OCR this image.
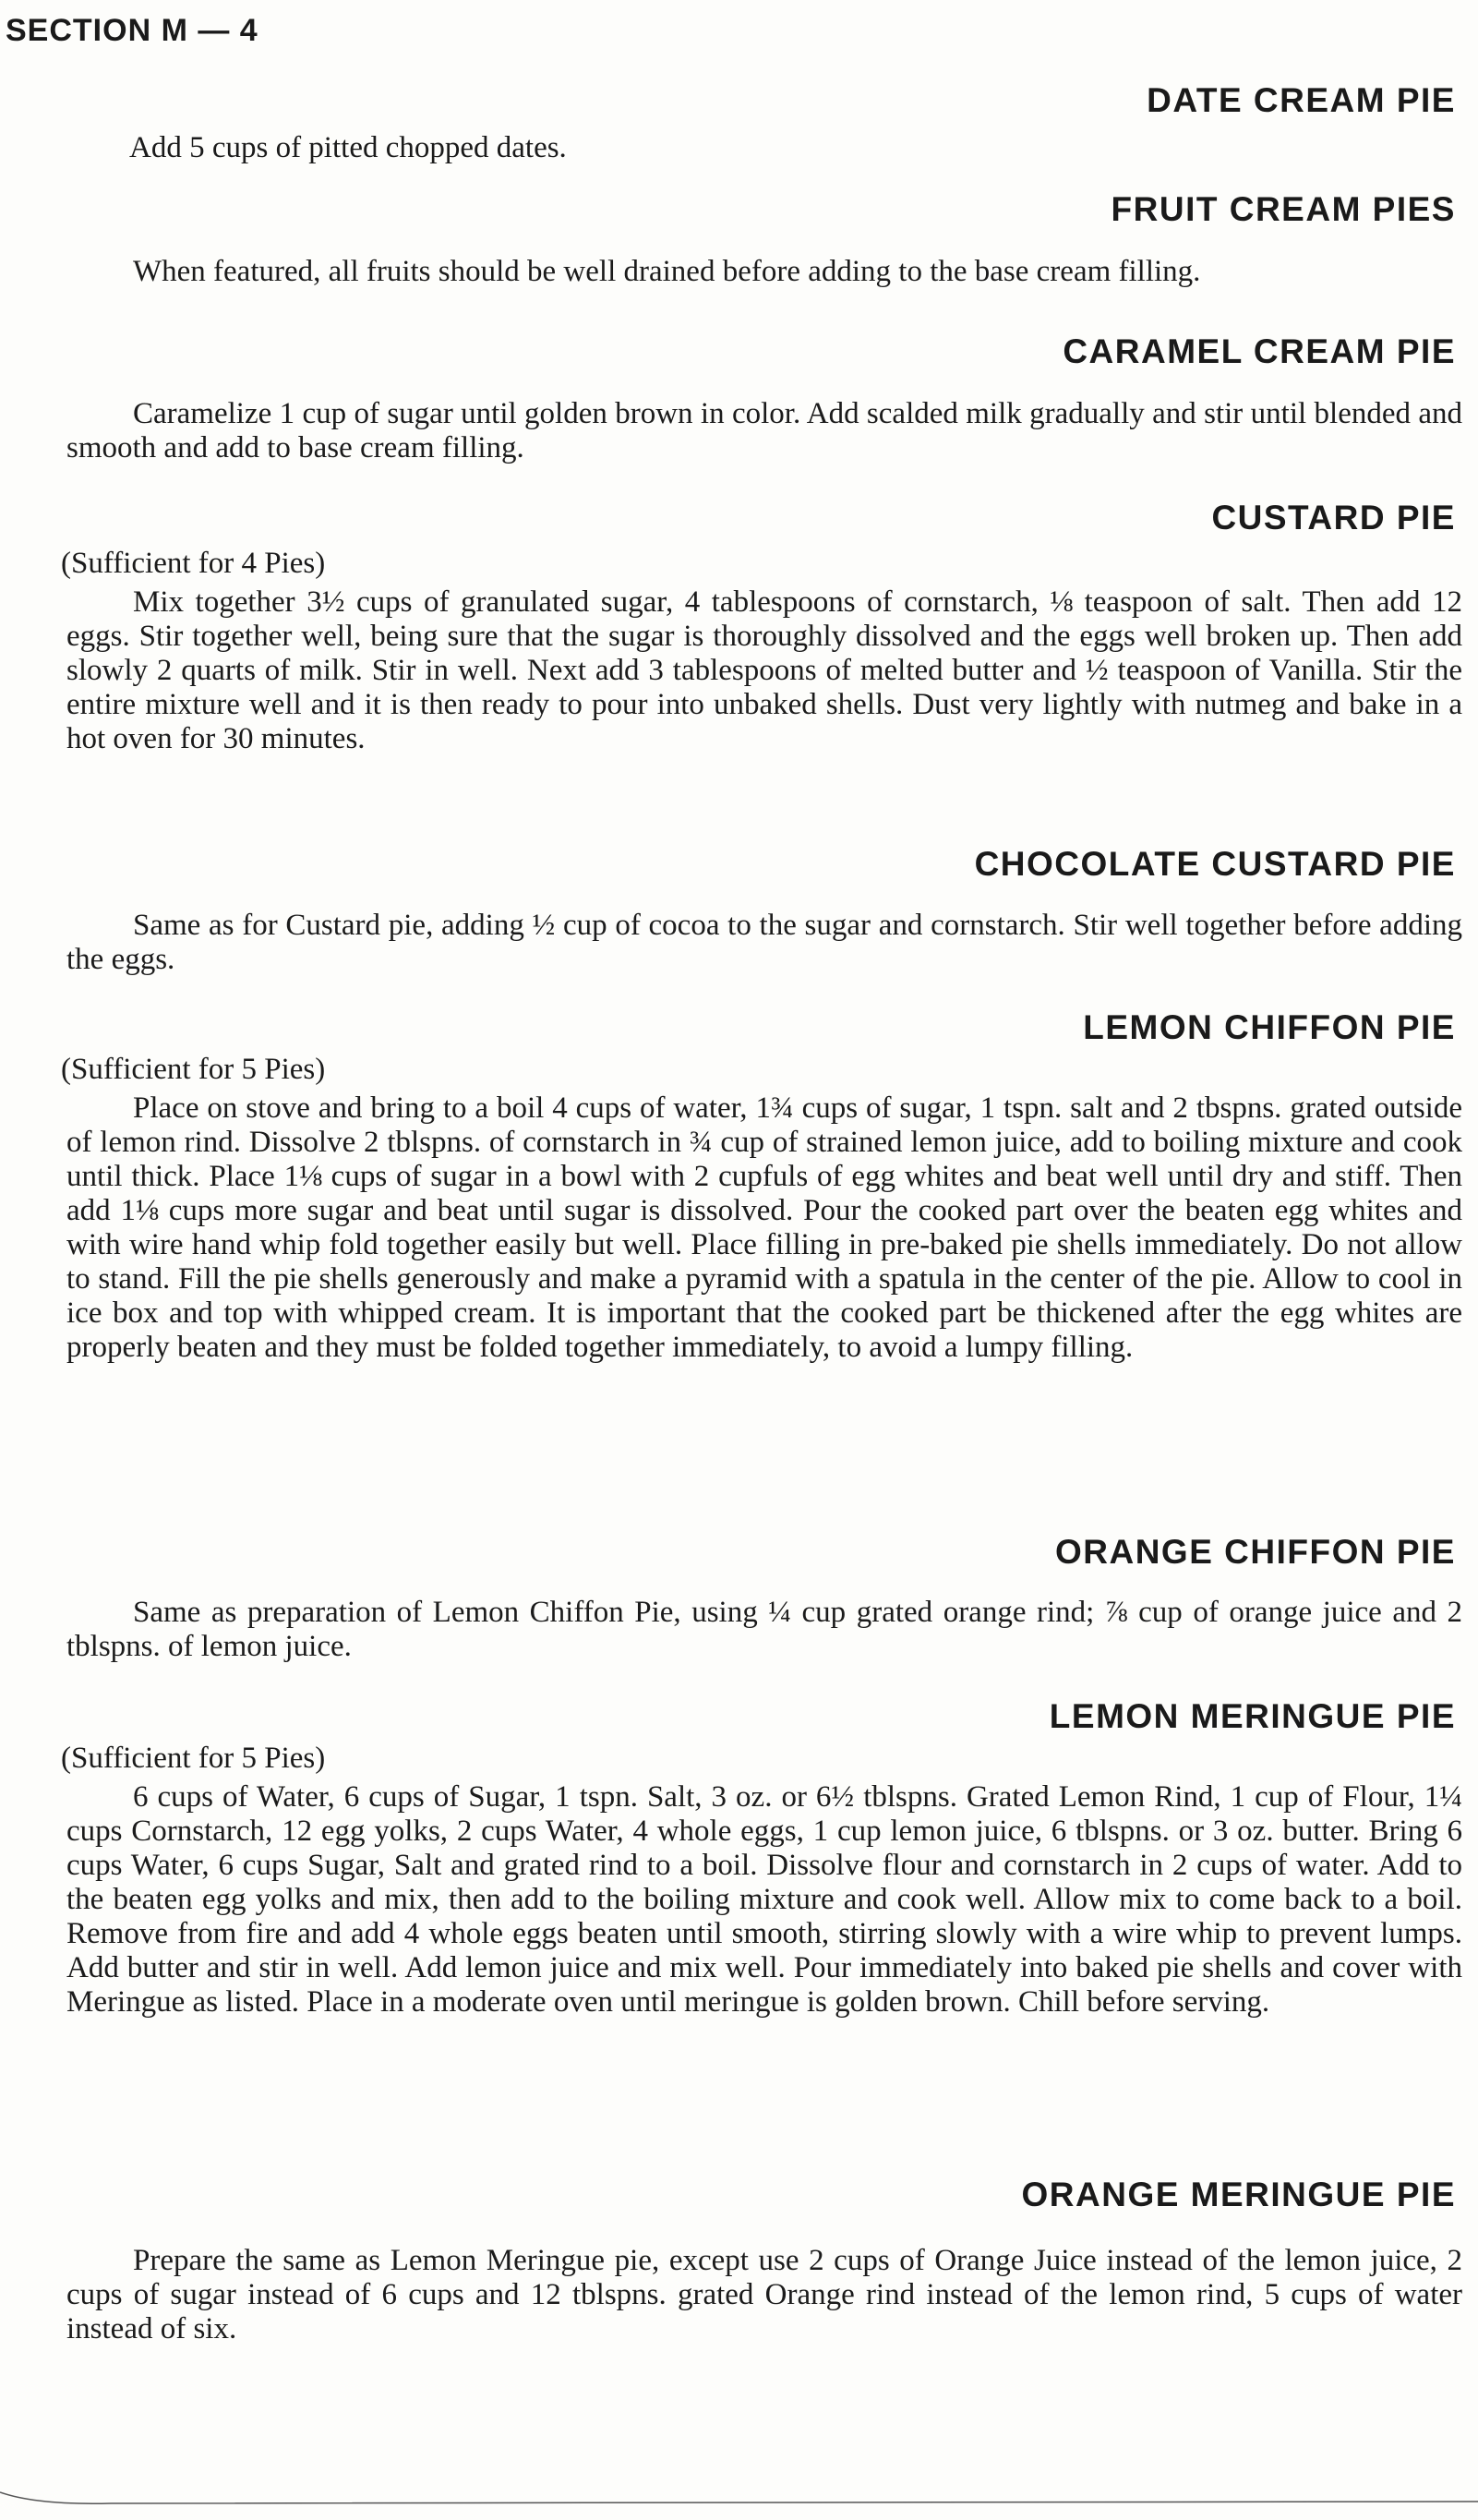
SECTION M — 4
DATE CREAM PIE
Add 5 cups of pitted chopped dates.
FRUIT CREAM PIES
When featured, all fruits should be well drained before adding to the base cream filling.
CARAMEL CREAM PIE
Caramelize 1 cup of sugar until golden brown in color. Add scalded milk gradually and stir until blended and smooth and add to base cream filling.
CUSTARD PIE
(Sufficient for 4 Pies)
Mix together 3½ cups of granulated sugar, 4 tablespoons of cornstarch, ⅛ teaspoon of salt. Then add 12 eggs. Stir together well, being sure that the sugar is thoroughly dissolved and the eggs well broken up. Then add slowly 2 quarts of milk. Stir in well. Next add 3 tablespoons of melted butter and ½ teaspoon of Vanilla. Stir the entire mixture well and it is then ready to pour into unbaked shells. Dust very lightly with nutmeg and bake in a hot oven for 30 minutes.
CHOCOLATE CUSTARD PIE
Same as for Custard pie, adding ½ cup of cocoa to the sugar and cornstarch. Stir well together before adding the eggs.
LEMON CHIFFON PIE
(Sufficient for 5 Pies)
Place on stove and bring to a boil 4 cups of water, 1¾ cups of sugar, 1 tspn. salt and 2 tbspns. grated outside of lemon rind. Dissolve 2 tblspns. of cornstarch in ¾ cup of strained lemon juice, add to boiling mixture and cook until thick. Place 1⅛ cups of sugar in a bowl with 2 cupfuls of egg whites and beat well until dry and stiff. Then add 1⅛ cups more sugar and beat until sugar is dissolved. Pour the cooked part over the beaten egg whites and with wire hand whip fold together easily but well. Place filling in pre-baked pie shells immediately. Do not allow to stand. Fill the pie shells generously and make a pyramid with a spatula in the center of the pie. Allow to cool in ice box and top with whipped cream. It is important that the cooked part be thickened after the egg whites are properly beaten and they must be folded together immediately, to avoid a lumpy filling.
ORANGE CHIFFON PIE
Same as preparation of Lemon Chiffon Pie, using ¼ cup grated orange rind; ⅞ cup of orange juice and 2 tblspns. of lemon juice.
LEMON MERINGUE PIE
(Sufficient for 5 Pies)
6 cups of Water, 6 cups of Sugar, 1 tspn. Salt, 3 oz. or 6½ tblspns. Grated Lemon Rind, 1 cup of Flour, 1¼ cups Cornstarch, 12 egg yolks, 2 cups Water, 4 whole eggs, 1 cup lemon juice, 6 tblspns. or 3 oz. butter. Bring 6 cups Water, 6 cups Sugar, Salt and grated rind to a boil. Dissolve flour and cornstarch in 2 cups of water. Add to the beaten egg yolks and mix, then add to the boiling mixture and cook well. Allow mix to come back to a boil. Remove from fire and add 4 whole eggs beaten until smooth, stirring slowly with a wire whip to prevent lumps. Add butter and stir in well. Add lemon juice and mix well. Pour immediately into baked pie shells and cover with Meringue as listed. Place in a moderate oven until meringue is golden brown. Chill before serving.
ORANGE MERINGUE PIE
Prepare the same as Lemon Meringue pie, except use 2 cups of Orange Juice instead of the lemon juice, 2 cups of sugar instead of 6 cups and 12 tblspns. grated Orange rind instead of the lemon rind, 5 cups of water instead of six.
